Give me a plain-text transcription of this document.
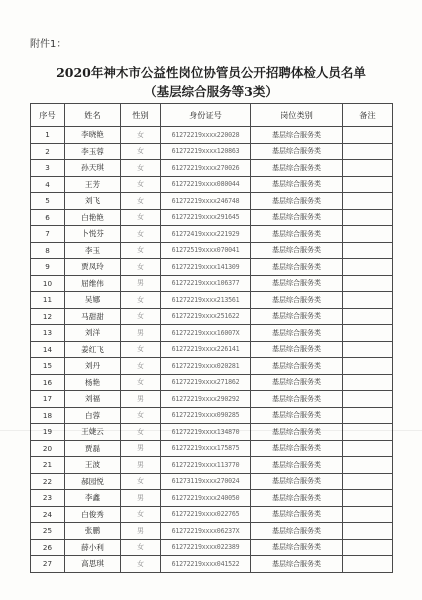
附件1：
2020年神木市公益性岗位协管员公开招聘体检人员名单
（基层综合服务等3类）
序号	姓名	性别	身份证号	岗位类别	备注
1	李晓艳	女	61272219xxxx220028	基层综合服务类	
2	李玉蓉	女	61272219xxxx120863	基层综合服务类	
3	孙天琪	女	61272219xxxx270026	基层综合服务类	
4	王芳	女	61272219xxxx080044	基层综合服务类	
5	刘飞	女	61272219xxxx246748	基层综合服务类	
6	白艳艳	女	61272219xxxx291645	基层综合服务类	
7	卜悦芬	女	61272419xxxx221929	基层综合服务类	
8	李玉	女	61272519xxxx070041	基层综合服务类	
9	贾凤玲	女	61272219xxxx141309	基层综合服务类	
10	屈维伟	男	61272219xxxx106377	基层综合服务类	
11	吴娜	女	61272219xxxx213561	基层综合服务类	
12	马甜甜	女	61272219xxxx251622	基层综合服务类	
13	刘洋	男	61272219xxxx16007X	基层综合服务类	
14	姜红飞	女	61272219xxxx226141	基层综合服务类	
15	刘丹	女	61272219xxxx020281	基层综合服务类	
16	杨艳	女	61272219xxxx271862	基层综合服务类	
17	刘福	男	61272219xxxx290292	基层综合服务类	
18	白蓉	女	61272219xxxx090285	基层综合服务类	
19	王婕云	女	61272219xxxx134870	基层综合服务类	
20	贾磊	男	61272219xxxx175875	基层综合服务类	
21	王波	男	61272219xxxx113770	基层综合服务类	
22	郝园悦	女	61273119xxxx270024	基层综合服务类	
23	李鑫	男	61272219xxxx240050	基层综合服务类	
24	白俊秀	女	61272219xxxx022765	基层综合服务类	
25	张鹏	男	61272219xxxx06237X	基层综合服务类	
26	薛小利	女	61272219xxxx022389	基层综合服务类	
27	高思琪	女	61272219xxxx041522	基层综合服务类	
